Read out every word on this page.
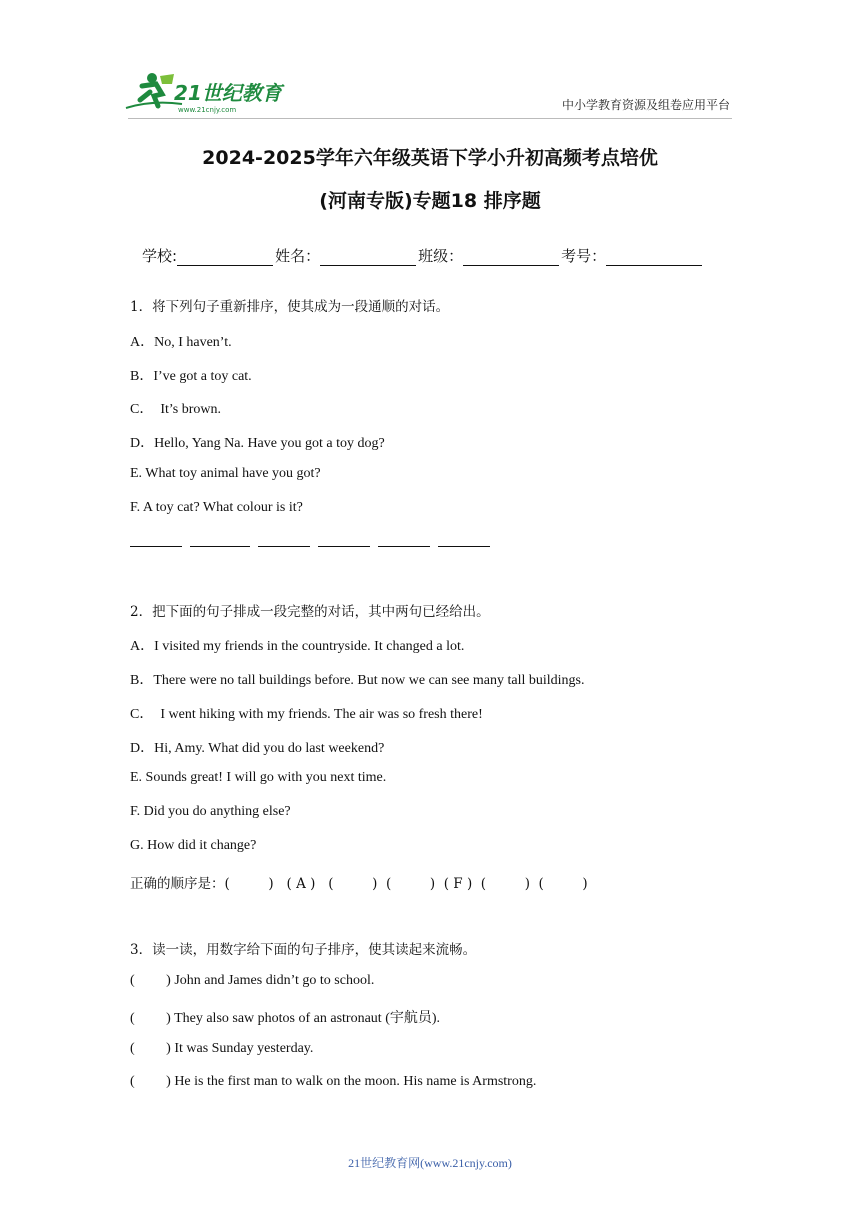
21世纪教育
www.21cnjy.com	中小学教育资源及组卷应用平台
2024-2025学年六年级英语下学小升初高频考点培优
(河南专版)专题18 排序题
学校:	姓名：	班级：	考号：
1．将下列句子重新排序，使其成为一段通顺的对话。
A．No, I haven’t.
B．I’ve got a toy cat.
C．  It’s brown.
D．Hello, Yang Na. Have you got a toy dog?
E. What toy animal have you got?
F. A toy cat? What colour is it?
2．把下面的句子排成一段完整的对话，其中两句已经给出。
A．I visited my friends in the countryside. It changed a lot.
B．There were no tall buildings before. But now we can see many tall buildings.
C．  I went hiking with my friends. The air was so fresh there!
D．Hi, Amy. What did you do last weekend?
E. Sounds great! I will go with you next time.
F. Did you do anything else?
G. How did it change?
正确的顺序是：(         )   ( A )   (         )  (         )  ( F )  (         )  (         )
3．读一读，用数字给下面的句子排序，使其读起来流畅。
(         ) John and James didn’t go to school.
(         ) They also saw photos of an astronaut (宇航员).
(         ) It was Sunday yesterday.
(         ) He is the first man to walk on the moon. His name is Armstrong.
21世纪教育网(www.21cnjy.com)
